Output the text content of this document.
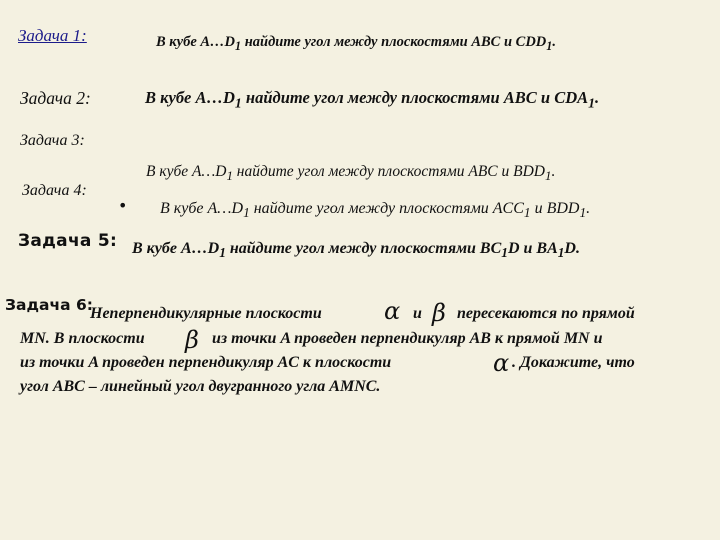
Задача 1:	В кубе $A\dots D_1$ найдите угол между плоскостями ABC и $CDD_1$.
Задача 2:	В кубе $A\dots D_1$ найдите угол между плоскостями ABC и $CDA_1$.
Задача 3:
В кубе $A\dots D_1$ найдите угол между плоскостями ABC и $BDD_1$.
Задача 4:
• В кубе $A\dots D_1$ найдите угол между плоскостями $ACC_1$ и $BDD_1$.
Задача 5: В кубе $A\dots D_1$ найдите угол между плоскостями $BC_1D$ и $BA_1D$.
Задача 6:
Неперпендикулярные плоскости	α и β пересекаются по прямой
MN. В плоскости β из точки A проведен перпендикуляр AB к прямой MN и
из точки A проведен перпендикуляр AC к плоскости	α . Докажите, что
угол ABC – линейный угол двугранного угла AMNC.
